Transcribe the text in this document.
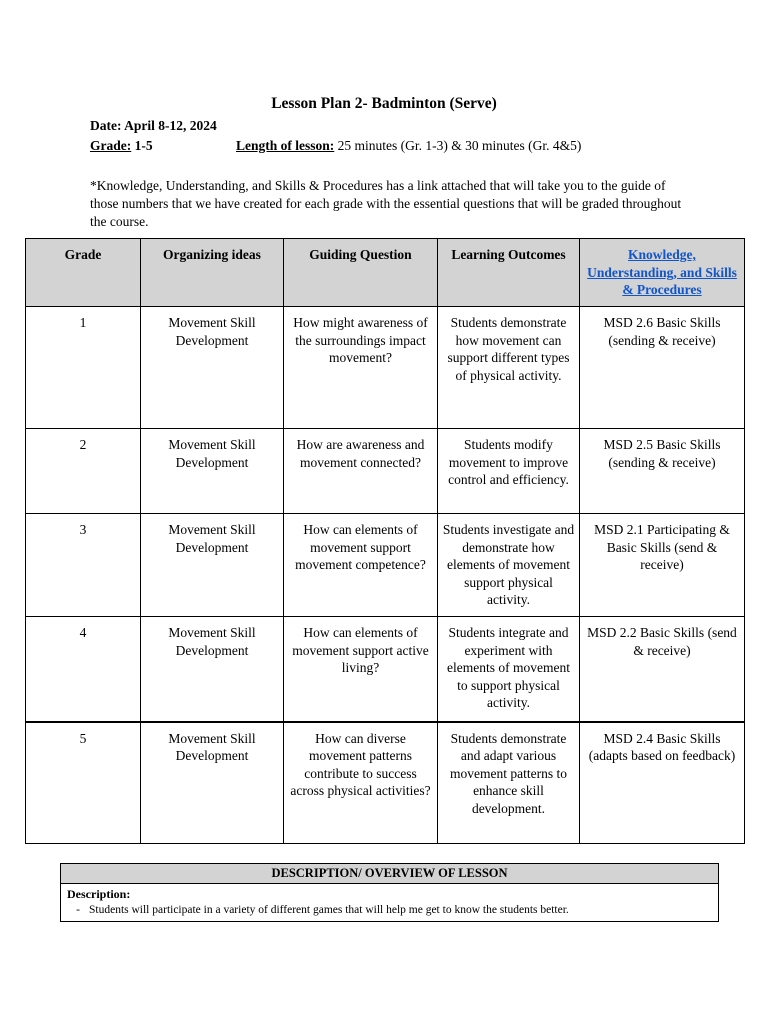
Lesson Plan 2- Badminton (Serve)
Date: April 8-12, 2024
Grade: 1-5	Length of lesson: 25 minutes (Gr. 1-3) & 30 minutes (Gr. 4&5)
*Knowledge, Understanding, and Skills & Procedures has a link attached that will take you to the guide of those numbers that we have created for each grade with the essential questions that will be graded throughout the course.
Grade	Organizing ideas	Guiding Question	Learning Outcomes	Knowledge, Understanding, and Skills & Procedures
1	Movement Skill Development	How might awareness of the surroundings impact movement?	Students demonstrate how movement can support different types of physical activity.	MSD 2.6 Basic Skills (sending & receive)
2	Movement Skill Development	How are awareness and movement connected?	Students modify movement to improve control and efficiency.	MSD 2.5 Basic Skills (sending & receive)
3	Movement Skill Development	How can elements of movement support movement competence?	Students investigate and demonstrate how elements of movement support physical activity.	MSD 2.1 Participating & Basic Skills (send & receive)
4	Movement Skill Development	How can elements of movement support active living?	Students integrate and experiment with elements of movement to support physical activity.	MSD 2.2 Basic Skills (send & receive)
5	Movement Skill Development	How can diverse movement patterns contribute to success across physical activities?	Students demonstrate and adapt various movement patterns to enhance skill development.	MSD 2.4 Basic Skills (adapts based on feedback)
DESCRIPTION/ OVERVIEW OF LESSON
Description:
- Students will participate in a variety of different games that will help me get to know the students better.
